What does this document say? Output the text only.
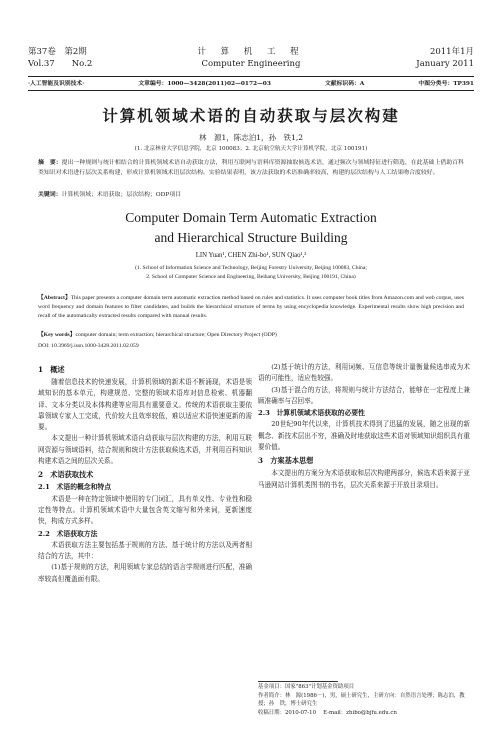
第37卷　第2期
Vol.37　　No.2
计 算 机 工 程
Computer Engineering
2011年1月
January 2011
·人工智能及识别技术·	文章编号：1000—3428(2011)02—0172—03	文献标识码：A	中图分类号：TP391
计算机领域术语的自动获取与层次构建
林　源1，陈志泊1，孙　铁1,2
(1. 北京林业大学信息学院，北京 100083；2. 北京航空航天大学计算机学院，北京 100191)
摘　要：提出一种规则与统计相结合的计算机领域术语自动获取方法，利用互联网与语料库资源抽取候选术语，通过频次与领域特征进行筛选，在此基础上借助百科类知识对术语进行层次关系构建，形成计算机领域术语层次结构。实验结果表明，该方法获取的术语准确率较高，构建的层次结构与人工结果吻合度较好。
关键词：计算机领域；术语获取；层次结构；ODP项目
Computer Domain Term Automatic Extraction
and Hierarchical Structure Building
LIN Yuan¹, CHEN Zhi-bo¹, SUN Qiao¹,²
(1. School of Information Science and Technology, Beijing Forestry University, Beijing 100083, China;
2. School of Computer Science and Engineering, Beihang University, Beijing 100191, China)
【Abstract】This paper presents a computer domain term automatic extraction method based on rules and statistics. It uses computer book titles from Amazon.com and web corpus, uses word frequency and domain features to filter candidates, and builds the hierarchical structure of terms by using encyclopedia knowledge. Experimental results show high precision and recall of the automatically extracted results compared with manual results.
【Key words】computer domain; term extraction; hierarchical structure; Open Directory Project (ODP)
DOI: 10.3969/j.issn.1000-3428.2011.02.059
1　概述

随着信息技术的快速发展，计算机领域的新术语不断涌现，术语是领域知识的基本单元，构建规范、完整的领域术语库对信息检索、机器翻译、文本分类以及本体构建等应用具有重要意义。传统的术语获取主要依靠领域专家人工完成，代价较大且效率较低，难以适应术语快速更新的需要。

本文提出一种计算机领域术语自动获取与层次构建的方法，利用互联网资源与领域语料，结合规则和统计方法获取候选术语，并利用百科知识构建术语之间的层次关系。

2　术语获取技术
2.1　术语的概念和特点

术语是一种在特定领域中使用的专门词汇，具有单义性、专业性和稳定性等特点。计算机领域术语中大量包含英文缩写和外来词，更新速度快，构成方式多样。

2.2　术语获取方法

术语获取方法主要包括基于规则的方法、基于统计的方法以及两者相结合的方法，其中：

(1)基于规则的方法，利用领域专家总结的语言学规则进行匹配，准确率较高但覆盖面有限。

(2)基于统计的方法，利用词频、互信息等统计量衡量候选串成为术语的可能性，适应性较强。

(3)基于混合的方法，将规则与统计方法结合，能够在一定程度上兼顾准确率与召回率。

2.3　计算机领域术语获取的必要性

20世纪90年代以来，计算机技术得到了迅猛的发展，随之出现的新概念、新技术层出不穷，准确及时地获取这些术语对领域知识组织具有重要价值。

3　方案基本思想

本文提出的方案分为术语获取和层次构建两部分，候选术语来源于亚马逊网站计算机类图书的书名，层次关系来源于开放目录项目。

基金项目：国家"863"计划基金资助项目
作者简介：林　源(1986－)，男，硕士研究生，主研方向：自然语言处理；陈志泊，教授；孙　铁，博士研究生
收稿日期：2010-07-10　 E-mail：zhibo@bjfu.edu.cn
